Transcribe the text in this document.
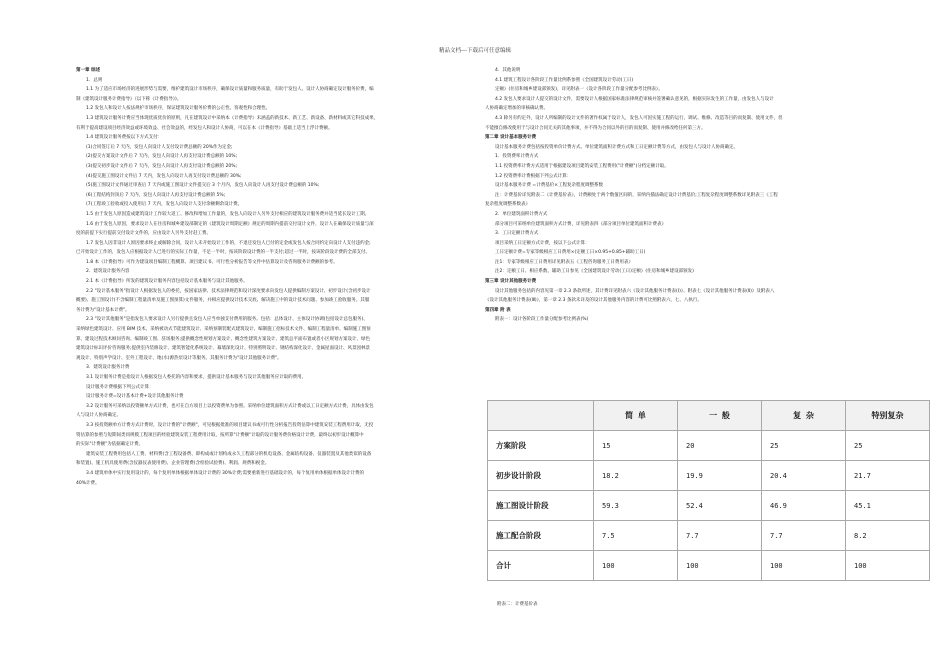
精品文档---下载后可任意编辑

第一章 综述

1．总则

1.1 为了适应市场经济的进展形势与需要，维护建筑设计市场秩序，确保设计质量和服务质量，有助于发包人、设计人协商确定设计服务价费，编

制《建筑设计服务计费指导》（以下称《计费指导》)。

1.2 发包人和设计人按法规护市场秩序，保证建筑设计服务价费的公正性、客观性和合理性。

1.3 建筑设计服务计费应当体现优质优价的原则，凡在建筑设计中采纳本《计费指导》未涵盖的新技术、新工艺、新设备、新材料或其它科技成果，

有利于提高建设项目经济效益或环境效益、社会效益的，经发包人和设计人协商，可以在本《计费指导》基础上适当上浮计费额。

1.4 建筑设计服务费按以下方式支付：

(1)合同签订后 7 天内，发包人向设计人支付设计费总额的 20%作为定金;

(2)提交方案设计文件后 7 天内，发包人向设计人再支付设计费总额的 10%;

(3)提交初步设计文件后 7 天内，发包人向设计人再支付设计费总额的 20%;

(4)提交施工图设计文件后 7 天内，发包人向设计人再支付设计费总额的 30%;

(5)施工图设计文件通过审查后 7 天内或施工图设计文件提交后 3 个月内，发包人向设计人再支付设计费总额的 10%;

(6)工程结构封顶后 7 天内，发包人向设计人再支付设计费总额的 5%;

(7)工程竣工验收或投入使用后 7 天内，发包人向设计人支付余额剩余设计费。

1.5 由于发包人原因造成建筑设计工作较大返工、修改和增加工作量的，发包人向设计人另外支付相应的建筑设计服务费并适当延长设计工期。

1.6 由于发包人原因，要求设计人在住房和城乡建设部制定的《建筑设计周期定额》规定的周期内提前交付设计文件，设计人在确保设计质量与深

度的前提下实行提前交付设计文件的，应由设计人另外支付赶工费。

1.7 发包人因非设计人原因要求终止或解除合同，设计人未开始设计工作的，不退还发包人已付的定金或发包人按合同约定向设计人支付违约金;

已开始设计工作的，发包人应根据设计人已进行的实际工作量，不足一半时，按该阶段设计费的一半支付;超过一半时，按该阶段设计费的全部支付。

1.8 本《计费指导》可作为建设项目编制工程概算、项目建议书、可行性分析报告等文件中估算设计及咨询服务计费额的参考。

2．建筑设计服务内容

2.1 本《计费指导》所发的建筑设计服务内容包括设计基本服务与设计其他服务。

2.2 "设计基本服务"指设计人根据发包人的委托，按国家法律、技术法律规范和设计深度要求向发包人提供编制方案设计、初步设计(含初步设计

概要)、施工图设计(不含编制工程量清单及施工图预算)文件服务，并相应提供设计技术交底、解决施工中的设计技术问题、参加竣工验收服务。其服

务计费为"设计基本计费"。

2.3 "设计其他服务"是指发包人要求设计人另行提供且发包人应当单独支付费用的服务。包括：总体设计、主体设计协调(包括设计总包服务)、

采纳绿色建筑设计、应用 BIM 技术、采纳被动式节能建筑设计、采纳预制装配式建筑设计、编制施工招标技术文件、编制工程量清单、编制施工图预

算、建设过程技术顾问咨询、编制竣工图、驻场服务;提供概念性规划方案设计、概念性建筑方案设计、建筑总平面布置或者小区规划方案设计、绿色

建筑设计标识评价咨询服务;提供室内装修设计、建筑智能化系统设计、幕墙深化设计、特别照明设计、钢结构深化设计、金属屋面设计、风景园林景

观设计、特别声学设计、室外工程设计、地(水)源热泵设计等服务。其服务计费为"设计其他服务计费"。

3．建筑设计服务计费

3.1 设计服务计费是指设计人根据发包人委托的内容和要求，提供设计基本服务与设计其他服务应计取的费用。

设计服务计费根据下列公式计算：

设计服务计费=设计基本计费+设计其他服务计费

3.2 设计服务可采纳以投资额单方式计费，也可在自方项目上以投资费单为参照。采纳单位建筑面积方式计费或以工日定额方式计费，具体由发包

人与设计人协商确定。

3.3 按投资额单方计费方式计费时，设计计费的"计费额"，可见根据批准的项目建议书或可行性分析报告投资估算中建筑安装工程费用计取，无投

资估算的参照与短期间类同规模工程项目的经验建筑安装工程费用计取，按所算"计费额"计取的设计服务费价格设计计费，最终以初步设计概算中

的实际"计费额"为依据确定计费。

建筑安装工程费用包括人工费、材料费(含工程设备费、即构成或计划构成永久工程部分的机电设备、金属结构设备、仪器装置及其他类似的设备

和装置)、施工机具使用费(含仪器仪表使用费)、企业管理费(含检验试验费)、利润、规费和税金。

3.4 建筑单体中实行复用设计的，每个复用单体根据单体设计计费的 30%计费;需要重新进行基础设计的，每个复用单体根据单体设计计费的

40%计费。

4．其他说明

4.1 建筑工程设计各阶段工作量比例系参照《全国建筑设计劳动(工日)

定额》(住房和城乡建设部颁发)，详见附表一《设计各阶段工作量分配参考比例表》。

4.2 发包人要求设计人提交的设计文件，需要设计人根据国家标准法律规范审核并签署确认意见的，根据实际发生的工作量，由发包人与设计

人协商确定增加的审核确认费。

4.3 除另有约定外，设计人所编制的设计文件的著作权属于设计人，发包人可因实施工程的运行、调试、维修、改造等目的而复制、使用文件，但

不能擅自修改使用于与设计合同无关的其他事项，并不得为合同以外的目的而复制、使用并修改给任何第三方。

第二章 设计基本服务计费

设计基本服务计费包括按投资单价计费方式、单位建筑面积计费方式和工日定额计费等方式，由发包人与设计人协商确定。

1．投资费率计费方式

1.1 投资费率计费方式适用于根据建设项目建筑安装工程费用("计费额")分档定额计取。

1.2 投资费率计费根据下列公式计算：

设计基本服务计费 =计费基价×工程复杂程度调整系数

注：计费基价详见附表二《计费基价表》，计费额处于两个数值区间的，采纳内插法确定设计计费基价;工程复杂程度调整系数详见附表三《工程

复杂程度调整系数表》

2．单位建筑面积计费方式

部分项目可采纳单位建筑面积方式计费，详见附表四《部分项目单位建筑面积计费表》

3．工日定额计费方式

项目采纳工日定额方式计费，按以下公式计算：

工日定额计费=专家等级相应工日费用×(定额工日×0.95+0.85+辅助工日)

注1：专家等级相应工日费用详见附表五《工程咨询服务工日费用表》

注2：定额工日、相应系数、辅助工日参见《全国建筑设计劳动(工日)定额》(住房和城乡建设部颁发)

第三章 设计其他服务计费

设计其他服务包括的内容见第一章 2.3 条款所述，其计费详见附表六《设计其他服务计费表(Ⅰ)》、附表七《设计其他服务计费表(Ⅱ)》及附表八

《设计其他服务计费表(Ⅲ)》，第一章 2.3 条款未详及的设计其他服务内容的计费可比照附表六、七、八执行。

第四章 附 表

附表一：设计各阶段工作量分配参考比例表(%)

	简 单	一 般	复 杂	特别复杂
方案阶段	15	20	25	25
初步设计阶段	18.2	19.9	20.4	21.7
施工图设计阶段	59.3	52.4	46.9	45.1
施工配合阶段	7.5	7.7	7.7	8.2
合计	100	100	100	100
附表二：计费基价表
